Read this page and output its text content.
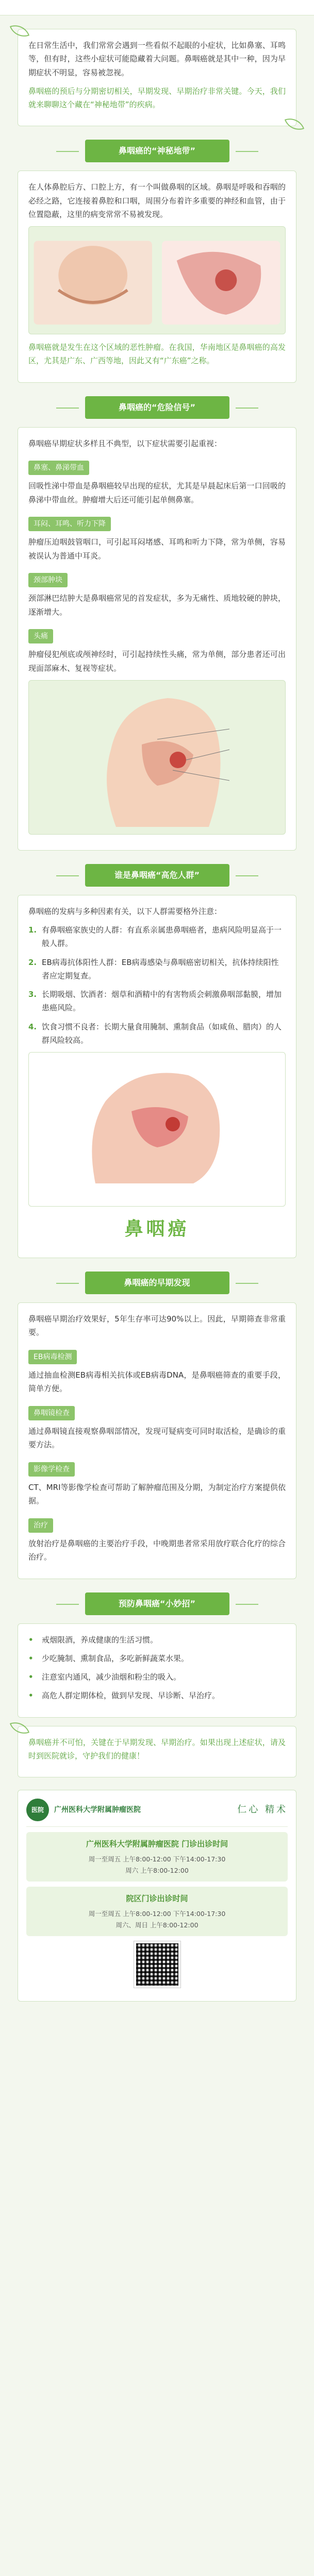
在日常生活中，我们常常会遇到一些看似不起眼的小症状，比如鼻塞、耳鸣等，但有时，这些小症状可能隐藏着大问题。鼻咽癌就是其中一种，因为早期症状不明显，容易被忽视。

鼻咽癌的预后与分期密切相关，早期发现、早期治疗非常关键。今天，我们就来聊聊这个藏在“神秘地带”的疾病。

鼻咽癌的“神秘地带”

在人体鼻腔后方、口腔上方，有一个叫做鼻咽的区域。鼻咽是呼吸和吞咽的必经之路，它连接着鼻腔和口咽，周围分布着许多重要的神经和血管，由于位置隐蔽，这里的病变常常不易被发现。

鼻咽癌就是发生在这个区域的恶性肿瘤。在我国，华南地区是鼻咽癌的高发区，尤其是广东、广西等地，因此又有“广东癌”之称。

鼻咽癌的“危险信号”

鼻咽癌早期症状多样且不典型，以下症状需要引起重视：

鼻塞、鼻涕带血

回吸性涕中带血是鼻咽癌较早出现的症状，尤其是早晨起床后第一口回吸的鼻涕中带血丝。肿瘤增大后还可能引起单侧鼻塞。

耳闷、耳鸣、听力下降

肿瘤压迫咽鼓管咽口，可引起耳闷堵感、耳鸣和听力下降，常为单侧，容易被误认为普通中耳炎。

颈部肿块

颈部淋巴结肿大是鼻咽癌常见的首发症状，多为无痛性、质地较硬的肿块，逐渐增大。

头痛

肿瘤侵犯颅底或颅神经时，可引起持续性头痛，常为单侧，部分患者还可出现面部麻木、复视等症状。

谁是鼻咽癌“高危人群”

鼻咽癌的发病与多种因素有关，以下人群需要格外注意：

1. 有鼻咽癌家族史的人群：有直系亲属患鼻咽癌者，患病风险明显高于一般人群。
2. EB病毒抗体阳性人群：EB病毒感染与鼻咽癌密切相关，抗体持续阳性者应定期复查。
3. 长期吸烟、饮酒者：烟草和酒精中的有害物质会刺激鼻咽部黏膜，增加患癌风险。
4. 饮食习惯不良者：长期大量食用腌制、熏制食品（如咸鱼、腊肉）的人群风险较高。
鼻咽癌
鼻咽癌的早期发现

鼻咽癌早期治疗效果好，5年生存率可达90%以上。因此，早期筛查非常重要。

EB病毒检测

通过抽血检测EB病毒相关抗体或EB病毒DNA，是鼻咽癌筛查的重要手段，简单方便。

鼻咽镜检查

通过鼻咽镜直接观察鼻咽部情况，发现可疑病变可同时取活检，是确诊的重要方法。

影像学检查

CT、MRI等影像学检查可帮助了解肿瘤范围及分期，为制定治疗方案提供依据。

治疗

放射治疗是鼻咽癌的主要治疗手段，中晚期患者常采用放疗联合化疗的综合治疗。

预防鼻咽癌“小妙招”
•	戒烟限酒，养成健康的生活习惯。
•	少吃腌制、熏制食品，多吃新鲜蔬菜水果。
•	注意室内通风，减少油烟和粉尘的吸入。
•	高危人群定期体检，做到早发现、早诊断、早治疗。

鼻咽癌并不可怕，关键在于早期发现、早期治疗。如果出现上述症状，请及时到医院就诊，守护我们的健康！

医院	广州医科大学附属肿瘤医院	仁心 精术
广州医科大学附属肿瘤医院 门诊出诊时间
周一至周五 上午8:00-12:00 下午14:00-17:30
周六 上午8:00-12:00
院区门诊出诊时间
周一至周五 上午8:00-12:00 下午14:00-17:30
周六、周日 上午8:00-12:00
